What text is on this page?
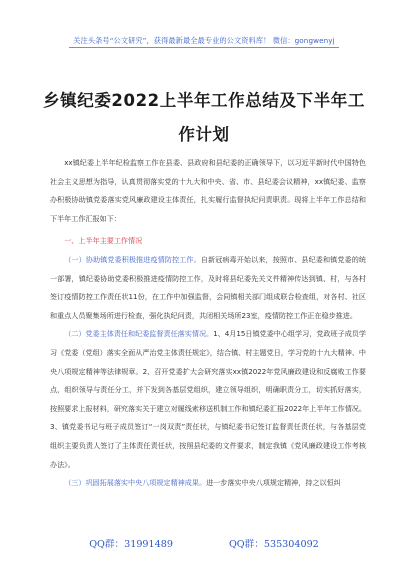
关注头条号“公文研究”，获得最新最全最专业的公文资料库！ 微信：gongwenyj
乡镇纪委2022上半年工作总结及下半年工作计划

xx镇纪委上半年纪检监察工作在县委、县政府和县纪委的正确领导下，以习近平新时代中国特色社会主义思想为指导，认真贯彻落实党的十九大和中央、省、市、县纪委会议精神，xx镇纪委、监察办积极协助镇党委落实党风廉政建设主体责任，扎实履行监督执纪问责职责。现将上半年工作总结和下半年工作汇报如下：

一、上半年主要工作情况

（一）协助镇党委积极推进疫情防控工作。自新冠病毒开始以来，按照市、县纪委和镇党委的统一部署，镇纪委协助党委积极推进疫情防控工作，及时将县纪委先关文件精神传达到镇、村，与各村签订疫情防控工作责任状11份，在工作中加强监督，会同镇相关部门组成联合检查组，对各村、社区和重点人员聚集场所进行检查，强化执纪问责，共闭相关场所23室，疫情防控工作正在稳步推进。

（二）党委主体责任和纪委监督责任落实情况。1、4月15日镇党委中心组学习，党政班子成员学习《党委（党组）落实全面从严治党主体责任规定》，结合镇、村主题党日，学习党的十九大精神、中央八项规定精神等法律规章。2、召开党委扩大会研究落实xx镇2022年党风廉政建设和反腐败工作要点，组织领导与责任分工，并下发到各基层党组织，建立领导组织，明确职责分工，切实抓好落实，按照要求上报材料，研究落实关于建立对履线索移送机制工作和镇纪委汇报2022年上半年工作情况。3、镇党委书记与班子成员签订“一岗双责”责任状，与镇纪委书记签订监督责任责任状，与各基层党组织主要负责人签订了主体责任责任状，按照县纪委的文件要求，制定我镇《党风廉政建设工作考核办法》。

（三）巩固拓展落实中央八项规定精神成果。进一步落实中央八项规定精神，持之以恒纠

QQ群：31991489	QQ群：535304092
